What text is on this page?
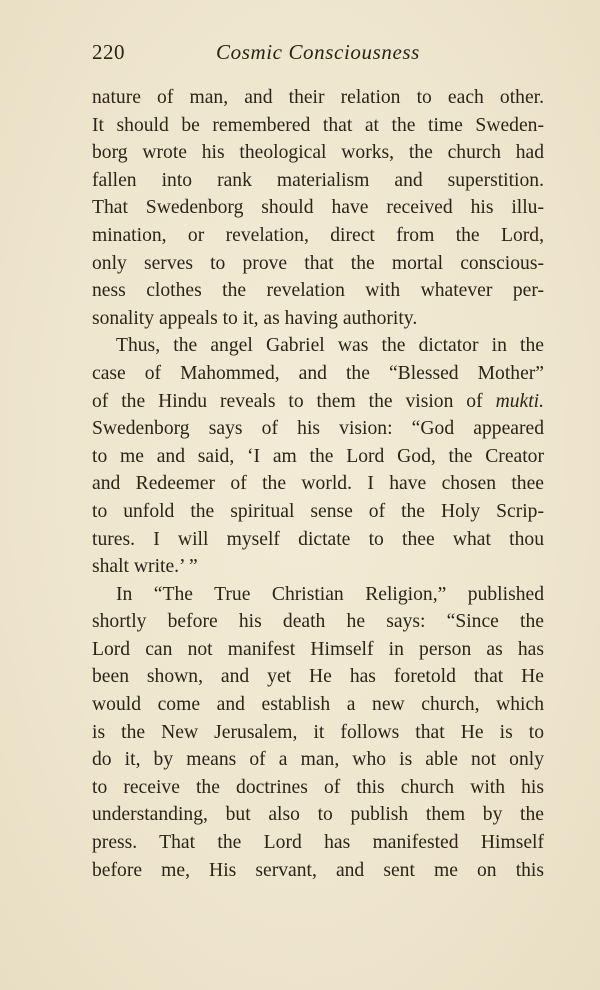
220	Cosmic Consciousness
nature of man, and their relation to each other.
It should be remembered that at the time Sweden-
borg wrote his theological works, the church had
fallen into rank materialism and superstition.
That Swedenborg should have received his illu-
mination, or revelation, direct from the Lord,
only serves to prove that the mortal conscious-
ness clothes the revelation with whatever per-
sonality appeals to it, as having authority.
Thus, the angel Gabriel was the dictator in the
case of Mahommed, and the “Blessed Mother”
of the Hindu reveals to them the vision of mukti.
Swedenborg says of his vision: “God appeared
to me and said, ‘I am the Lord God, the Creator
and Redeemer of the world. I have chosen thee
to unfold the spiritual sense of the Holy Scrip-
tures. I will myself dictate to thee what thou
shalt write.’ ”
In “The True Christian Religion,” published
shortly before his death he says: “Since the
Lord can not manifest Himself in person as has
been shown, and yet He has foretold that He
would come and establish a new church, which
is the New Jerusalem, it follows that He is to
do it, by means of a man, who is able not only
to receive the doctrines of this church with his
understanding, but also to publish them by the
press. That the Lord has manifested Himself
before me, His servant, and sent me on this
